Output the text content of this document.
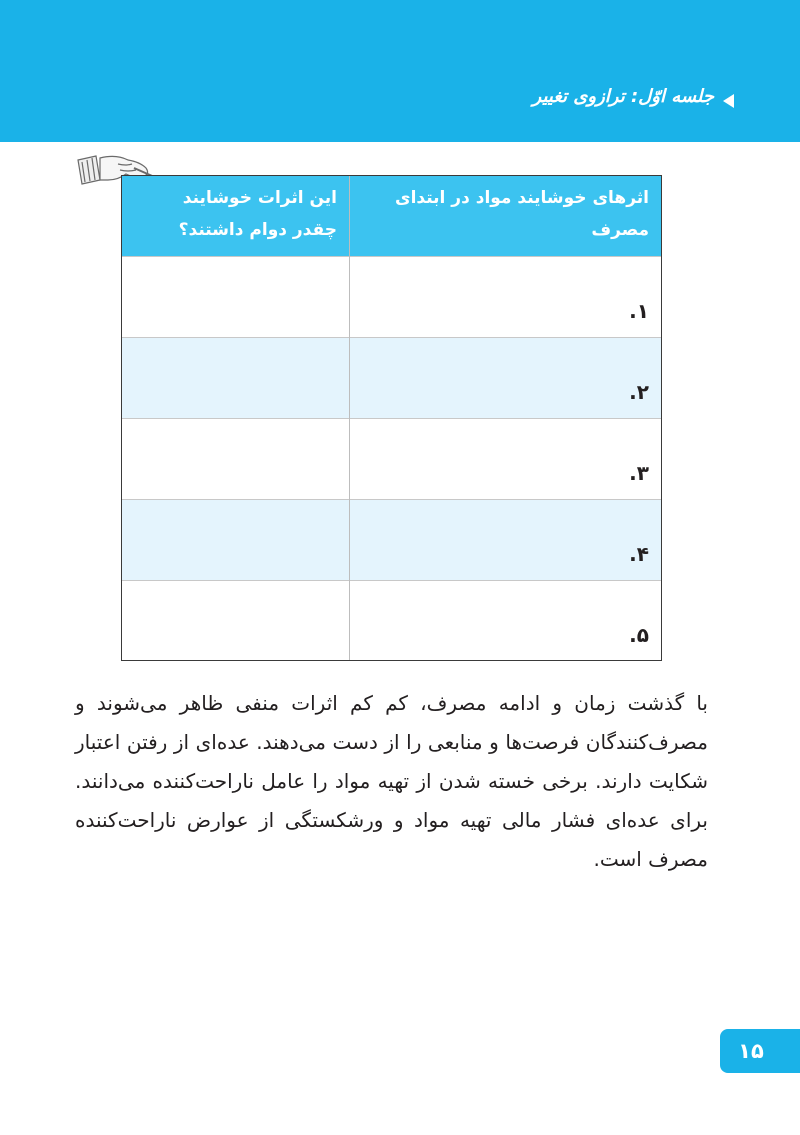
جلسه اوّل: ترازوی تغییر
اثرهای خوشایند مواد در ابتدای مصرف
این اثرات خوشایند چقدر دوام داشتند؟
۱.
۲.
۳.
۴.
۵.

با گذشت زمان و ادامه مصرف، کم کم اثرات منفی ظاهر می‌شوند و مصرف‌کنندگان فرصت‌ها و منابعی را از دست می‌دهند. عده‌ای از رفتن اعتبار شکایت دارند. برخی خسته شدن از تهیه مواد را عامل ناراحت‌کننده می‌دانند. برای عده‌ای فشار مالی تهیه مواد و ورشکستگی از عوارض ناراحت‌کننده مصرف است.

۱۵
